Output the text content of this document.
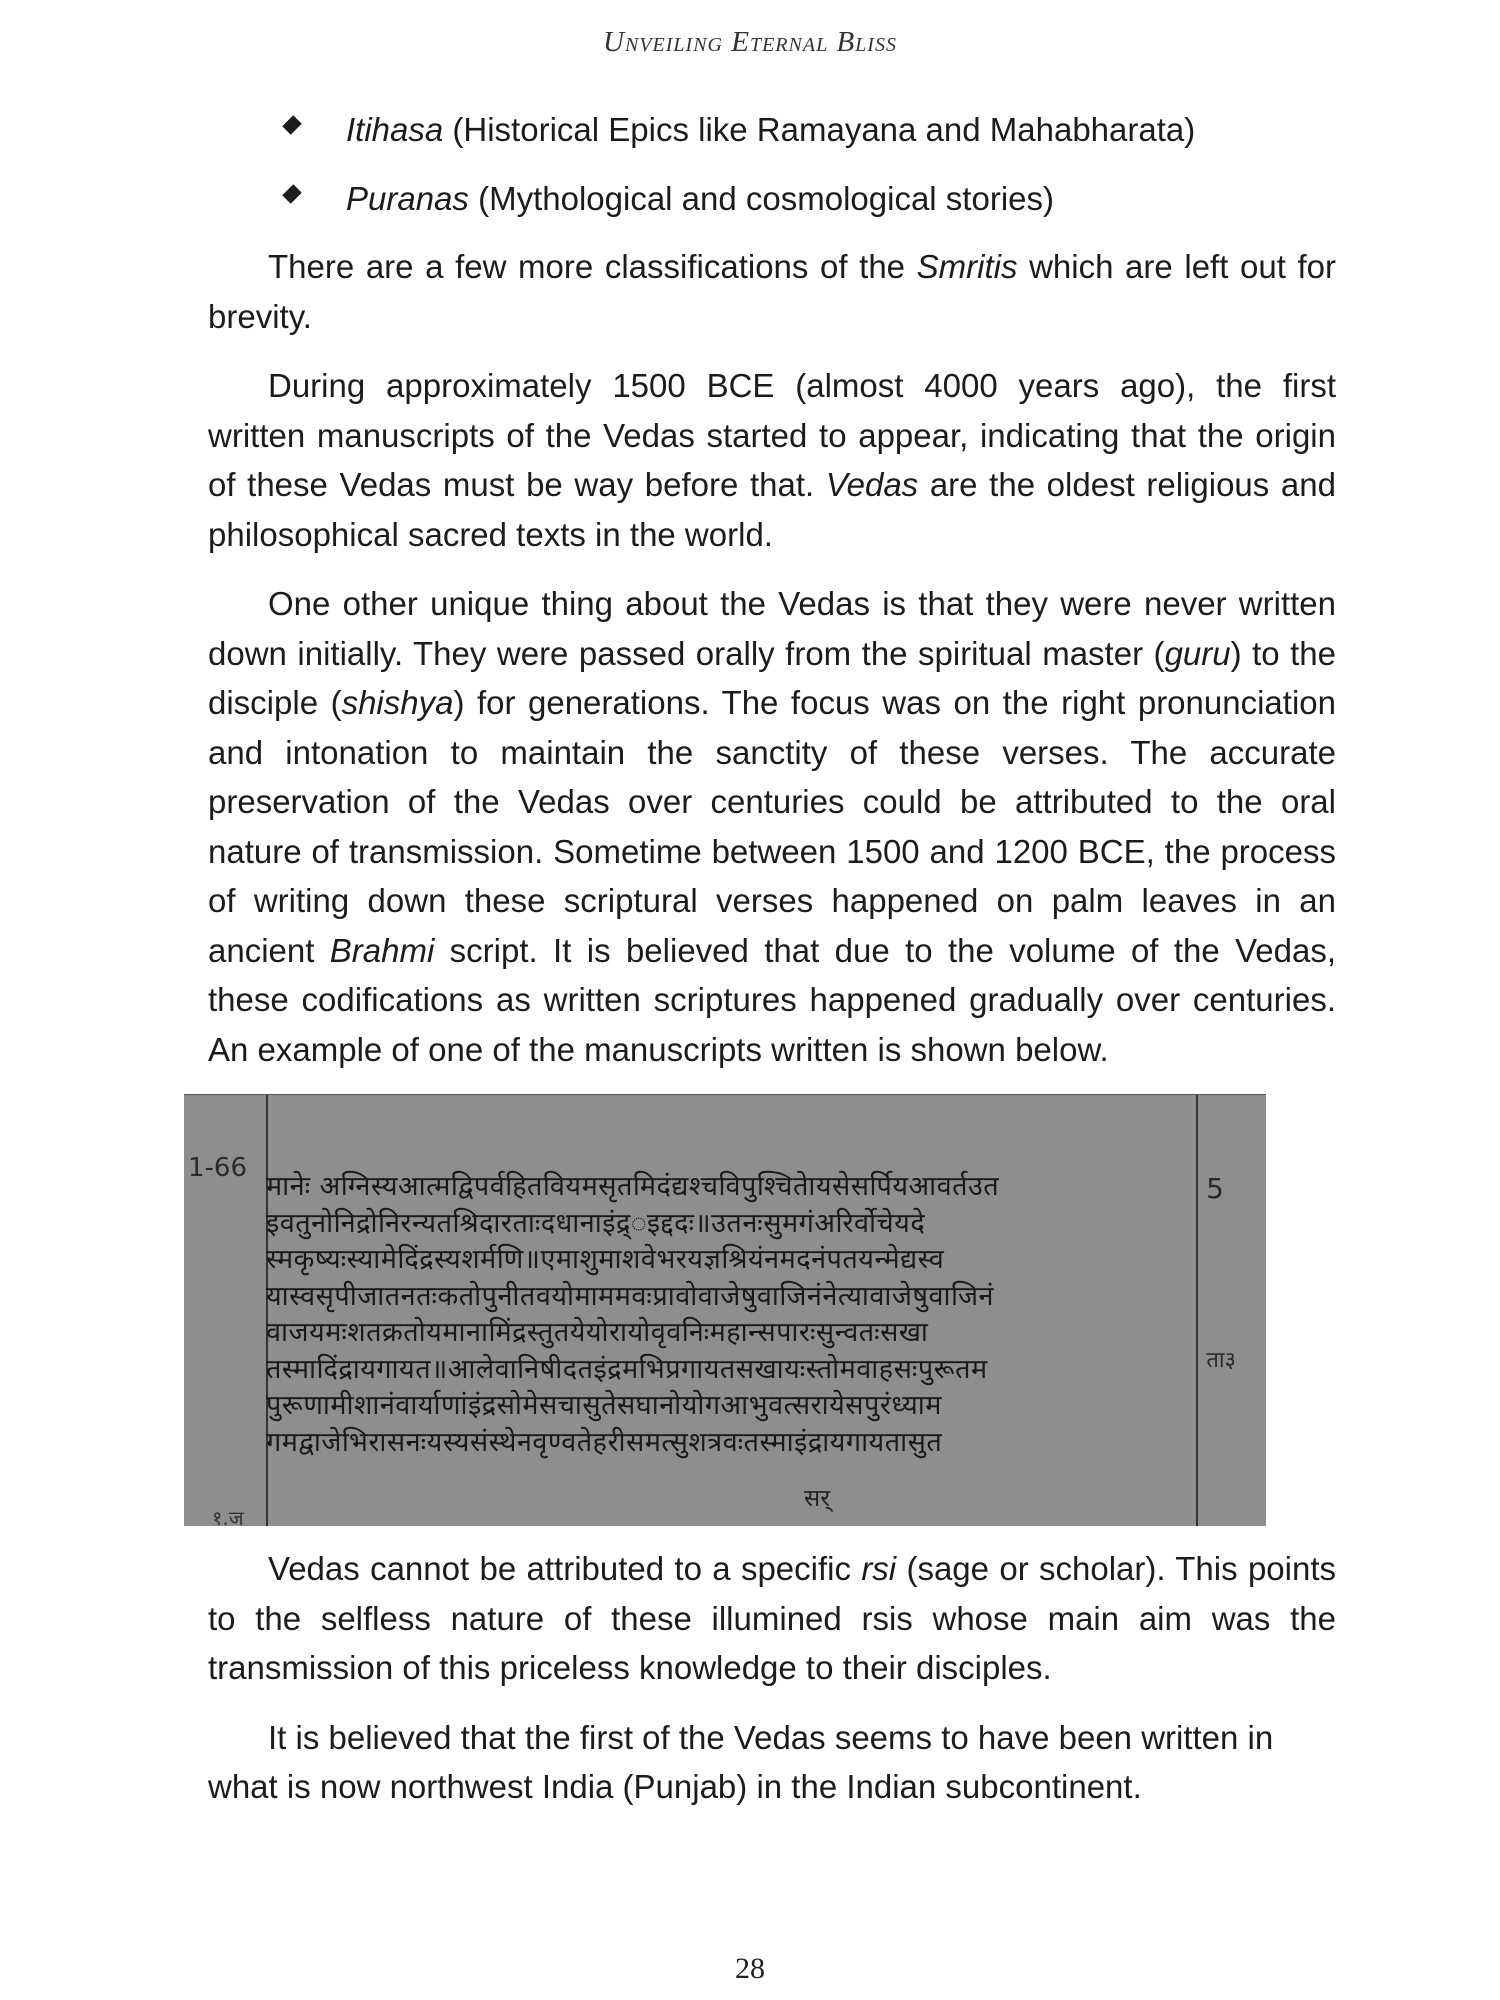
Unveiling Eternal Bliss
Itihasa (Historical Epics like Ramayana and Mahabharata)
Puranas (Mythological and cosmological stories)

There are a few more classifications of the Smritis which are left out for brevity.

During approximately 1500 BCE (almost 4000 years ago), the first written manuscripts of the Vedas started to appear, indicating that the origin of these Vedas must be way before that. Vedas are the oldest religious and philosophical sacred texts in the world.

One other unique thing about the Vedas is that they were never written down initially. They were passed orally from the spiritual master (guru) to the disciple (shishya) for generations. The focus was on the right pronunciation and intonation to maintain the sanctity of these verses. The accurate preservation of the Vedas over centuries could be attributed to the oral nature of transmission. Sometime between 1500 and 1200 BCE, the process of writing down these scriptural verses happened on palm leaves in an ancient Brahmi script. It is believed that due to the volume of the Vedas, these codifications as written scriptures happened gradually over centuries. An example of one of the manuscripts written is shown below.

1-66
5
ता३
मानेः अग्निस्यआत्मद्विपर्वहितवियमसृतमिदंद्यश्चविपुश्चितेायसेसर्पियआवर्तउत
इवतुनोनिद्रोनिरन्यतश्रिदारताःदधानाइंद्र्इद्ददः॥उतनःसुमगंअरिर्वोचेयदे
स्मकृष्यःस्यामेदिंद्रस्यशर्मणि॥एमाशुमाशवेभरयज्ञश्रियंनमदनंपतयन्मेद्यस्व
यास्वसृपीजातनतःकतोपुनीतवयोमाममवःप्रावोवाजेषुवाजिनंनेत्यावाजेषुवाजिनं
वाजयमःशतक्रतोयमानामिंद्रस्तुतयेयोरायोवृवनिःमहान्सपारःसुन्वतःसखा
तस्मादिंद्रायगायत॥आलेवानिषीदतइंद्रमभिप्रगायतसखायःस्तोमवाहसःपुरूतम
पुरूणामीशानंवार्याणांइंद्रसोमेसचासुतेसघानोयोगआभुवत्सरायेसपुरंध्याम
गमद्वाजेभिरासनःयस्यसंस्थेनवृण्वतेहरीसमत्सुशत्रवःतस्माइंद्रायगायतासुत
सर्
१.ज

Vedas cannot be attributed to a specific rsi (sage or scholar). This points to the selfless nature of these illumined rsis whose main aim was the transmission of this priceless knowledge to their disciples.

It is believed that the first of the Vedas seems to have been written in what is now northwest India (Punjab) in the Indian subcontinent.

28
